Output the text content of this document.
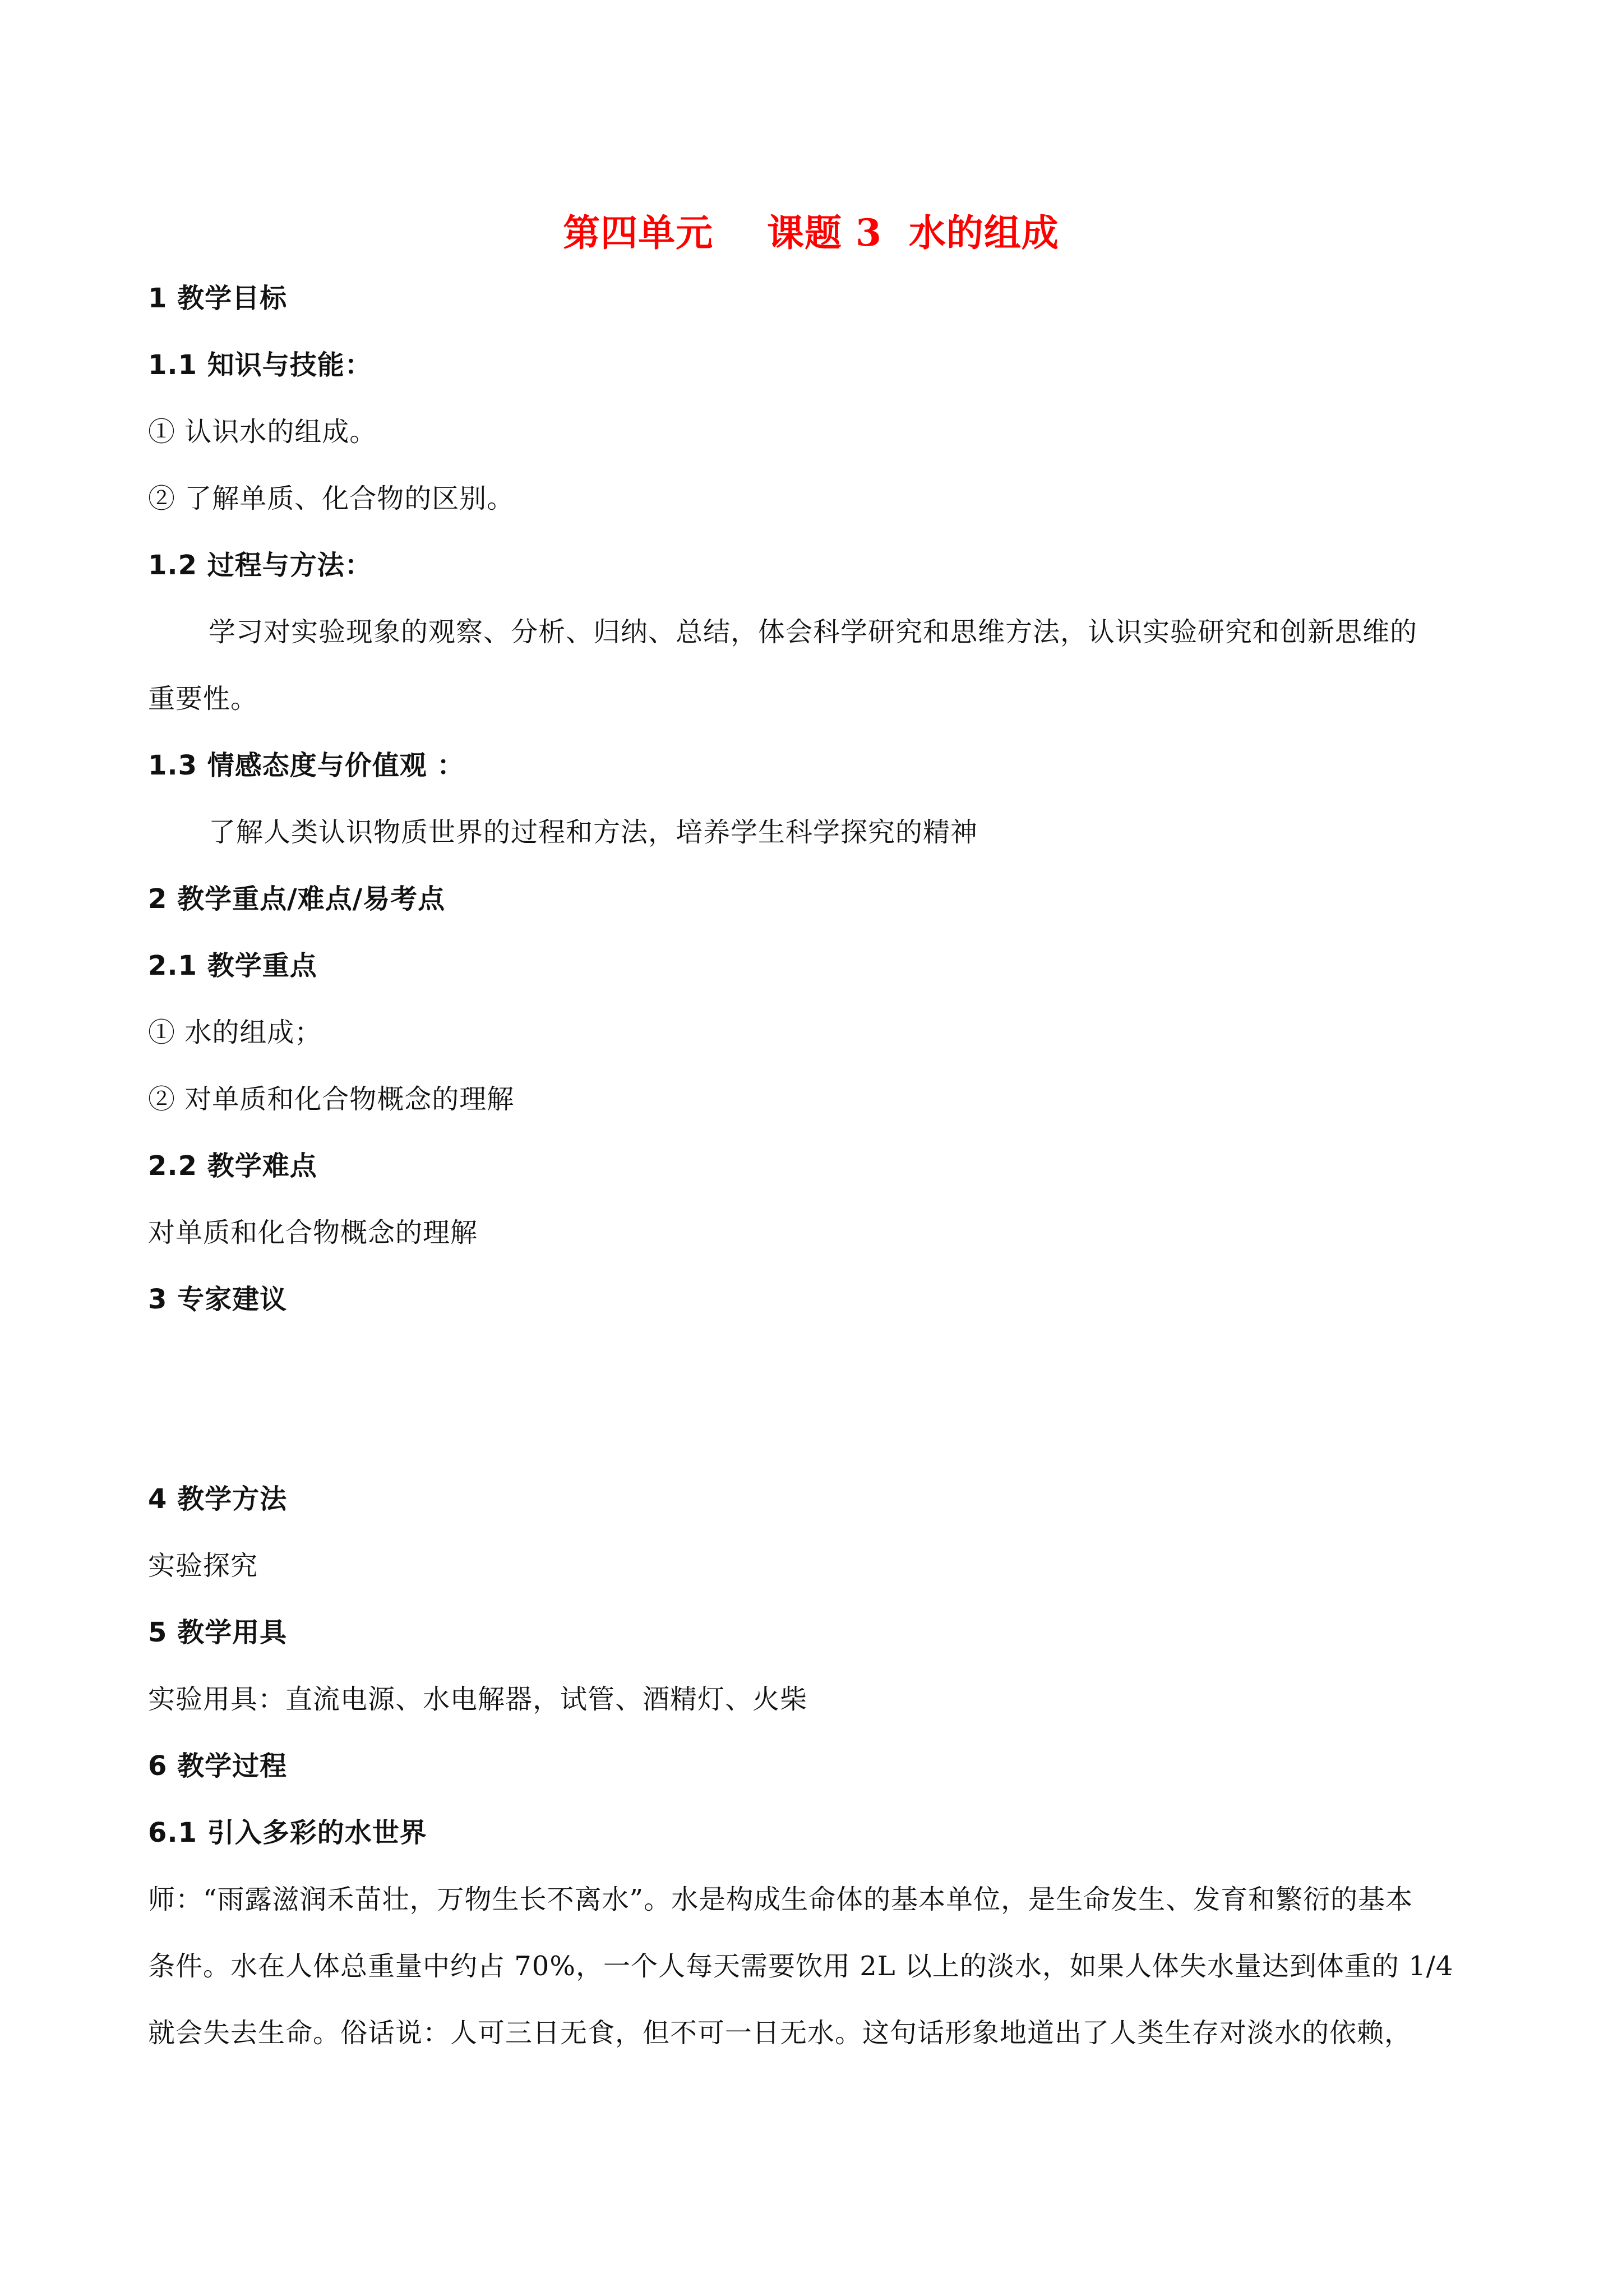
第四单元    课题 3  水的组成
1 教学目标
1.1 知识与技能：
① 认识水的组成。
② 了解单质、化合物的区别。
1.2 过程与方法：
学习对实验现象的观察、分析、归纳、总结，体会科学研究和思维方法，认识实验研究和创新思维的
重要性。
1.3 情感态度与价值观 ：
了解人类认识物质世界的过程和方法，培养学生科学探究的精神
2 教学重点/难点/易考点
2.1 教学重点
① 水的组成；
② 对单质和化合物概念的理解
2.2 教学难点
对单质和化合物概念的理解
3 专家建议
4 教学方法
实验探究
5 教学用具
实验用具：直流电源、水电解器，试管、酒精灯、火柴
6 教学过程
6.1 引入多彩的水世界
师：“雨露滋润禾苗壮，万物生长不离水”。水是构成生命体的基本单位，是生命发生、发育和繁衍的基本
条件。水在人体总重量中约占 70%，一个人每天需要饮用 2L 以上的淡水，如果人体失水量达到体重的 1/4
就会失去生命。俗话说：人可三日无食，但不可一日无水。这句话形象地道出了人类生存对淡水的依赖，
